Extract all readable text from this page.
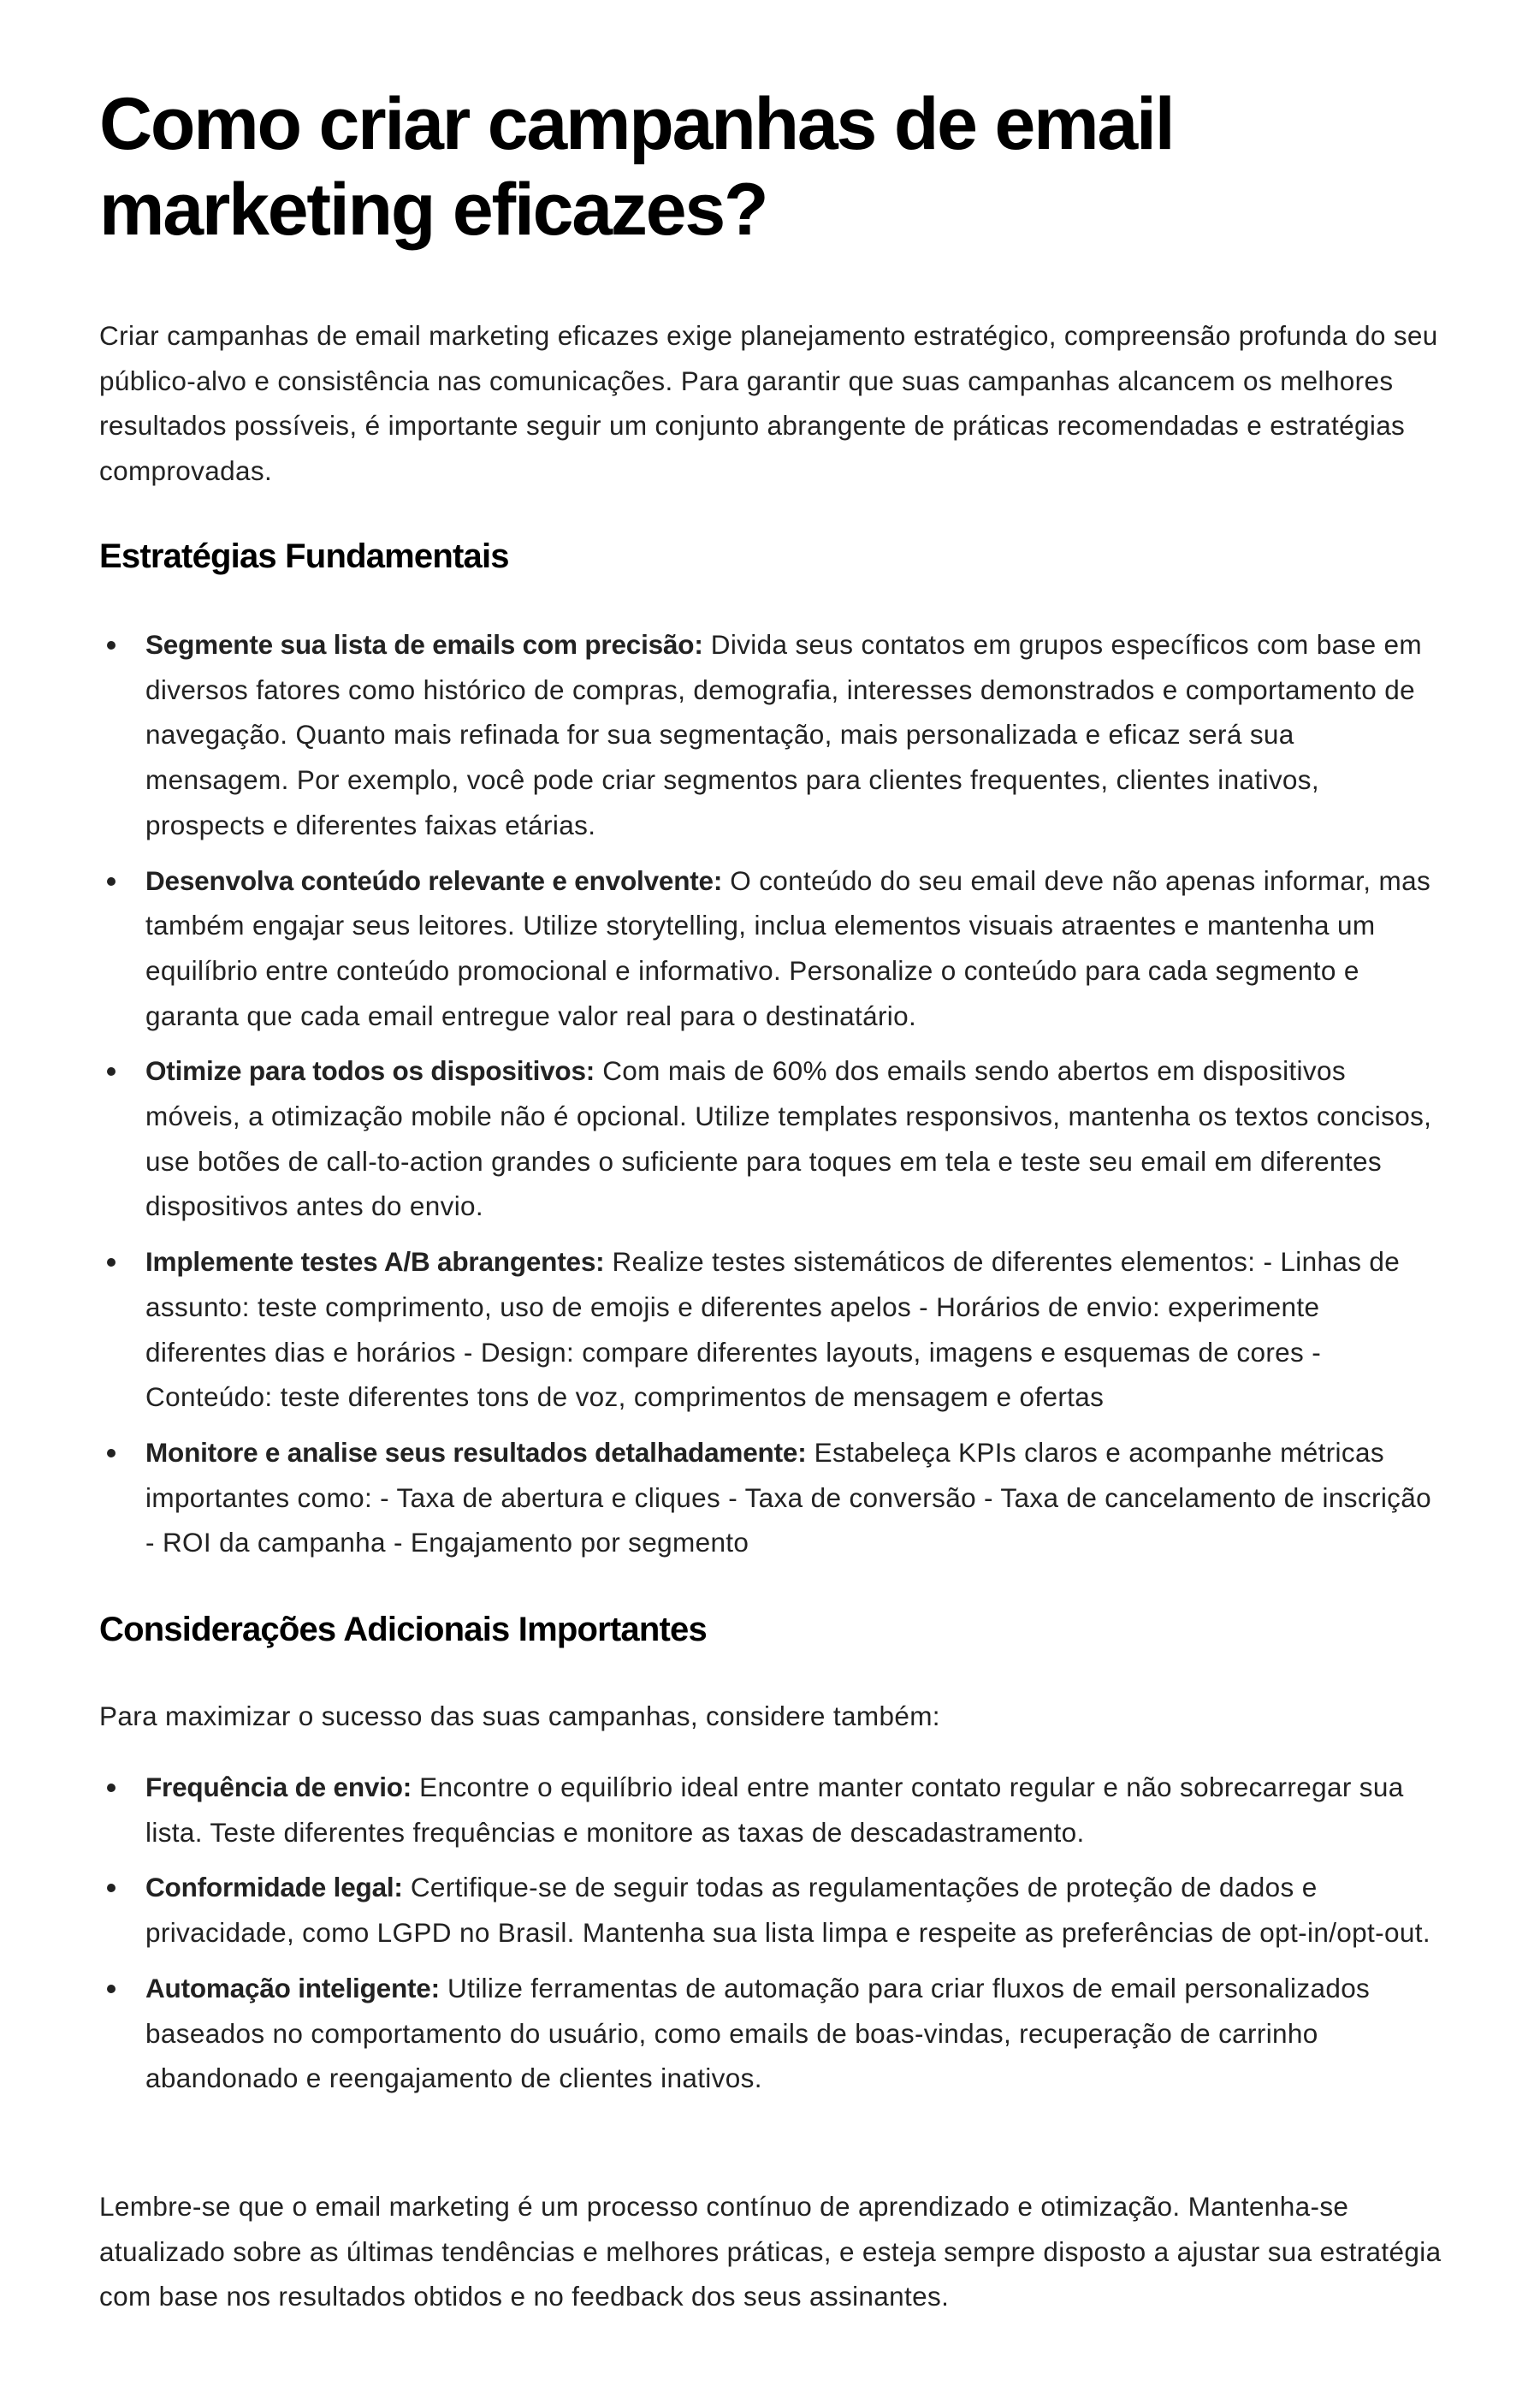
Como criar campanhas de email marketing eficazes?

Criar campanhas de email marketing eficazes exige planejamento estratégico, compreensão profunda do seu público-alvo e consistência nas comunicações. Para garantir que suas campanhas alcancem os melhores resultados possíveis, é importante seguir um conjunto abrangente de práticas recomendadas e estratégias comprovadas.

Estratégias Fundamentais
Segmente sua lista de emails com precisão: Divida seus contatos em grupos específicos com base em diversos fatores como histórico de compras, demografia, interesses demonstrados e comportamento de navegação. Quanto mais refinada for sua segmentação, mais personalizada e eficaz será sua mensagem. Por exemplo, você pode criar segmentos para clientes frequentes, clientes inativos, prospects e diferentes faixas etárias.
Desenvolva conteúdo relevante e envolvente: O conteúdo do seu email deve não apenas informar, mas também engajar seus leitores. Utilize storytelling, inclua elementos visuais atraentes e mantenha um equilíbrio entre conteúdo promocional e informativo. Personalize o conteúdo para cada segmento e garanta que cada email entregue valor real para o destinatário.
Otimize para todos os dispositivos: Com mais de 60% dos emails sendo abertos em dispositivos móveis, a otimização mobile não é opcional. Utilize templates responsivos, mantenha os textos concisos, use botões de call-to-action grandes o suficiente para toques em tela e teste seu email em diferentes dispositivos antes do envio.
Implemente testes A/B abrangentes: Realize testes sistemáticos de diferentes elementos: - Linhas de assunto: teste comprimento, uso de emojis e diferentes apelos - Horários de envio: experimente diferentes dias e horários - Design: compare diferentes layouts, imagens e esquemas de cores - Conteúdo: teste diferentes tons de voz, comprimentos de mensagem e ofertas
Monitore e analise seus resultados detalhadamente: Estabeleça KPIs claros e acompanhe métricas importantes como: - Taxa de abertura e cliques - Taxa de conversão - Taxa de cancelamento de inscrição - ROI da campanha - Engajamento por segmento
Considerações Adicionais Importantes

Para maximizar o sucesso das suas campanhas, considere também:

Frequência de envio: Encontre o equilíbrio ideal entre manter contato regular e não sobrecarregar sua lista. Teste diferentes frequências e monitore as taxas de descadastramento.
Conformidade legal: Certifique-se de seguir todas as regulamentações de proteção de dados e privacidade, como LGPD no Brasil. Mantenha sua lista limpa e respeite as preferências de opt-in/opt-out.
Automação inteligente: Utilize ferramentas de automação para criar fluxos de email personalizados baseados no comportamento do usuário, como emails de boas-vindas, recuperação de carrinho abandonado e reengajamento de clientes inativos.

Lembre-se que o email marketing é um processo contínuo de aprendizado e otimização. Mantenha-se atualizado sobre as últimas tendências e melhores práticas, e esteja sempre disposto a ajustar sua estratégia com base nos resultados obtidos e no feedback dos seus assinantes.
